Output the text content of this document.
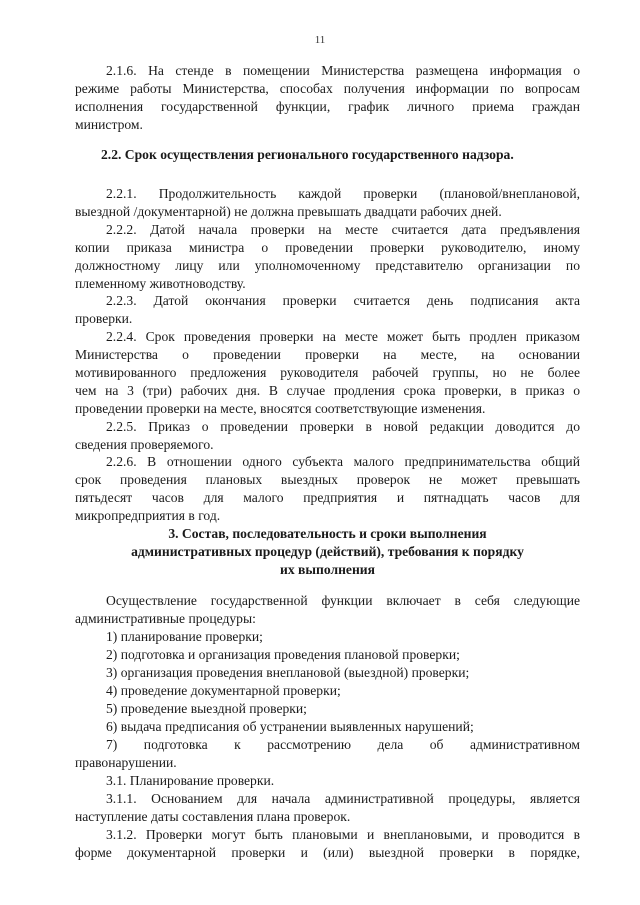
11
2.1.6. На стенде в помещении Министерства размещена информация о
режиме работы Министерства, способах получения информации по вопросам
исполнения государственной функции, график личного приема граждан
министром.
2.2. Срок осуществления регионального государственного надзора.
2.2.1. Продолжительность каждой проверки (плановой/внеплановой,
выездной /документарной) не должна превышать двадцати рабочих дней.
2.2.2. Датой начала проверки на месте считается дата предъявления
копии приказа министра о проведении проверки руководителю, иному
должностному лицу или уполномоченному представителю организации по
племенному животноводству.
2.2.3. Датой окончания проверки считается день подписания акта
проверки.
2.2.4. Срок проведения проверки на месте может быть продлен приказом
Министерства о проведении проверки на месте, на основании
мотивированного предложения руководителя рабочей группы, но не более
чем на 3 (три) рабочих дня. В случае продления срока проверки, в приказ о
проведении проверки на месте, вносятся соответствующие изменения.
2.2.5. Приказ о проведении проверки в новой редакции доводится до
сведения проверяемого.
2.2.6. В отношении одного субъекта малого предпринимательства общий
срок проведения плановых выездных проверок не может превышать
пятьдесят часов для малого предприятия и пятнадцать часов для
микропредприятия в год.
3. Состав, последовательность и сроки выполнения
административных процедур (действий), требования к порядку
их выполнения
Осуществление государственной функции включает в себя следующие
административные процедуры:
1) планирование проверки;
2) подготовка и организация проведения плановой проверки;
3) организация проведения внеплановой (выездной) проверки;
4) проведение документарной проверки;
5) проведение выездной проверки;
6) выдача предписания об устранении выявленных нарушений;
7) подготовка к рассмотрению дела об административном
правонарушении.
3.1. Планирование проверки.
3.1.1. Основанием для начала административной процедуры, является
наступление даты составления плана проверок.
3.1.2. Проверки могут быть плановыми и внеплановыми, и проводится в
форме документарной проверки и (или) выездной проверки в порядке,
